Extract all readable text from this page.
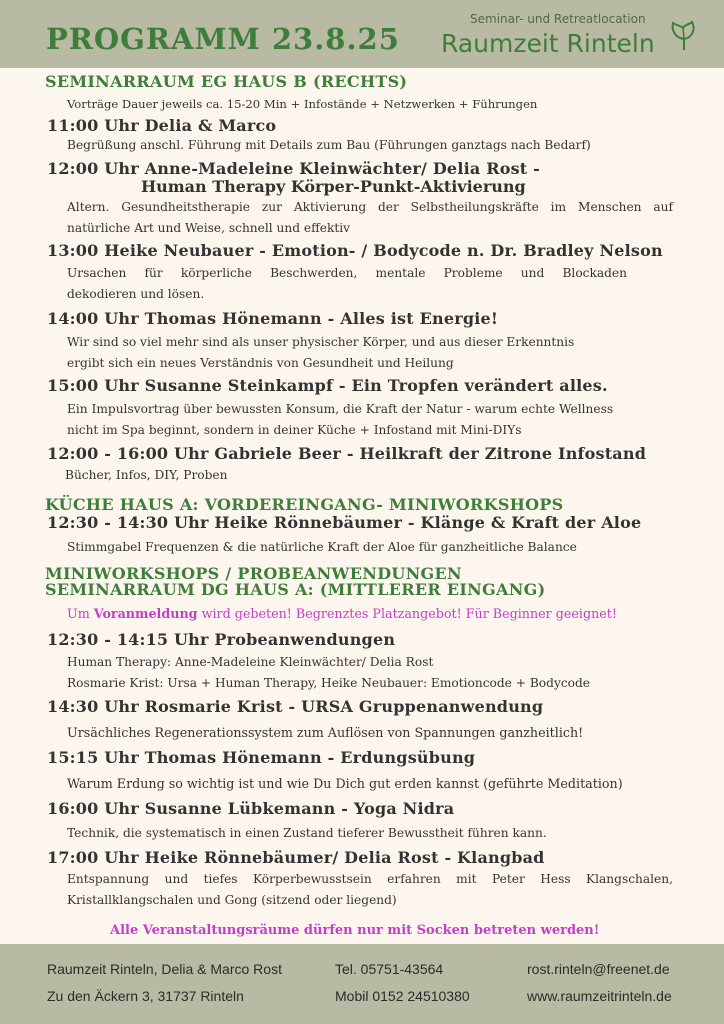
PROGRAMM 23.8.25
Seminar- und Retreatlocation
Raumzeit Rinteln
SEMINARRAUM EG HAUS B (RECHTS)
Vorträge Dauer jeweils ca. 15-20 Min + Infostände + Netzwerken + Führungen
11:00 Uhr Delia & Marco
Begrüßung anschl. Führung mit Details zum Bau (Führungen ganztags nach Bedarf)
12:00 Uhr Anne-Madeleine Kleinwächter/ Delia Rost -
Human Therapy Körper-Punkt-Aktivierung
Altern. Gesundheitstherapie zur Aktivierung der Selbstheilungskräfte im Menschen auf
natürliche Art und Weise, schnell und effektiv
13:00 Heike Neubauer - Emotion- / Bodycode n. Dr. Bradley Nelson
Ursachen für körperliche Beschwerden, mentale Probleme und Blockaden
dekodieren und lösen.
14:00 Uhr Thomas Hönemann - Alles ist Energie!
Wir sind so viel mehr sind als unser physischer Körper, und aus dieser Erkenntnis
ergibt sich ein neues Verständnis von Gesundheit und Heilung
15:00 Uhr Susanne Steinkampf - Ein Tropfen verändert alles.
Ein Impulsvortrag über bewussten Konsum, die Kraft der Natur - warum echte Wellness
nicht im Spa beginnt, sondern in deiner Küche + Infostand mit Mini-DIYs
12:00 - 16:00 Uhr Gabriele Beer - Heilkraft der Zitrone Infostand
Bücher, Infos, DIY, Proben
KÜCHE HAUS A: VORDEREINGANG- MINIWORKSHOPS
12:30 - 14:30 Uhr Heike Rönnebäumer - Klänge & Kraft der Aloe
Stimmgabel Frequenzen & die natürliche Kraft der Aloe für ganzheitliche Balance
MINIWORKSHOPS / PROBEANWENDUNGEN
SEMINARRAUM DG HAUS A: (MITTLERER EINGANG)
Um Voranmeldung wird gebeten! Begrenztes Platzangebot! Für Beginner geeignet!
12:30 - 14:15 Uhr Probeanwendungen
Human Therapy: Anne-Madeleine Kleinwächter/ Delia Rost
Rosmarie Krist: Ursa + Human Therapy, Heike Neubauer: Emotioncode + Bodycode
14:30 Uhr Rosmarie Krist - URSA Gruppenanwendung
Ursächliches Regenerationssystem zum Auflösen von Spannungen ganzheitlich!
15:15 Uhr Thomas Hönemann - Erdungsübung
Warum Erdung so wichtig ist und wie Du Dich gut erden kannst (geführte Meditation)
16:00 Uhr Susanne Lübkemann - Yoga Nidra
Technik, die systematisch in einen Zustand tieferer Bewusstheit führen kann.
17:00 Uhr Heike Rönnebäumer/ Delia Rost - Klangbad
Entspannung und tiefes Körperbewusstsein erfahren mit Peter Hess Klangschalen,
Kristallklangschalen und Gong (sitzend oder liegend)
Alle Veranstaltungsräume dürfen nur mit Socken betreten werden!
Raumzeit Rinteln, Delia & Marco Rost
Zu den Äckern 3, 31737 Rinteln
Tel. 05751-43564
Mobil 0152 24510380
rost.rinteln@freenet.de
www.raumzeitrinteln.de
